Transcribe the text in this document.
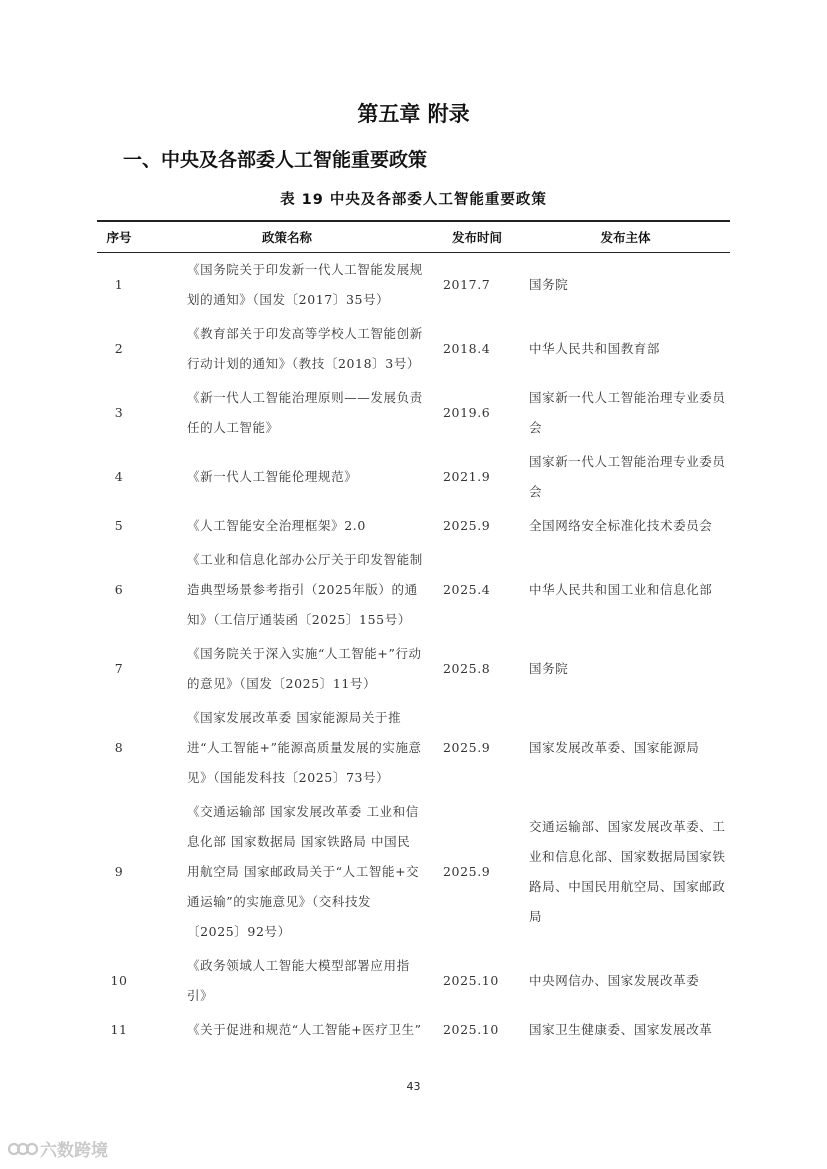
第五章 附录
一、中央及各部委人工智能重要政策
表 19 中央及各部委人工智能重要政策
序号	政策名称	发布时间	发布主体
1	《国务院关于印发新一代人工智能发展规划的通知》（国发〔2017〕35号）	2017.7	国务院
2	《教育部关于印发高等学校人工智能创新行动计划的通知》（教技〔2018〕3号）	2018.4	中华人民共和国教育部
3	《新一代人工智能治理原则——发展负责任的人工智能》	2019.6	国家新一代人工智能治理专业委员会
4	《新一代人工智能伦理规范》	2021.9	国家新一代人工智能治理专业委员会
5	《人工智能安全治理框架》2.0	2025.9	全国网络安全标准化技术委员会
6	《工业和信息化部办公厅关于印发智能制造典型场景参考指引（2025年版）的通知》（工信厅通装函〔2025〕155号）	2025.4	中华人民共和国工业和信息化部
7	《国务院关于深入实施“人工智能+”行动的意见》（国发〔2025〕11号）	2025.8	国务院
8	《国家发展改革委 国家能源局关于推进“人工智能+”能源高质量发展的实施意见》（国能发科技〔2025〕73号）	2025.9	国家发展改革委、国家能源局
9	《交通运输部 国家发展改革委 工业和信息化部 国家数据局 国家铁路局 中国民用航空局 国家邮政局关于“人工智能+交通运输”的实施意见》（交科技发〔2025〕92号）	2025.9	交通运输部、国家发展改革委、工业和信息化部、国家数据局国家铁路局、中国民用航空局、国家邮政局
10	《政务领域人工智能大模型部署应用指引》	2025.10	中央网信办、国家发展改革委
11	《关于促进和规范“人工智能+医疗卫生”	2025.10	国家卫生健康委、国家发展改革
43
六数跨境
